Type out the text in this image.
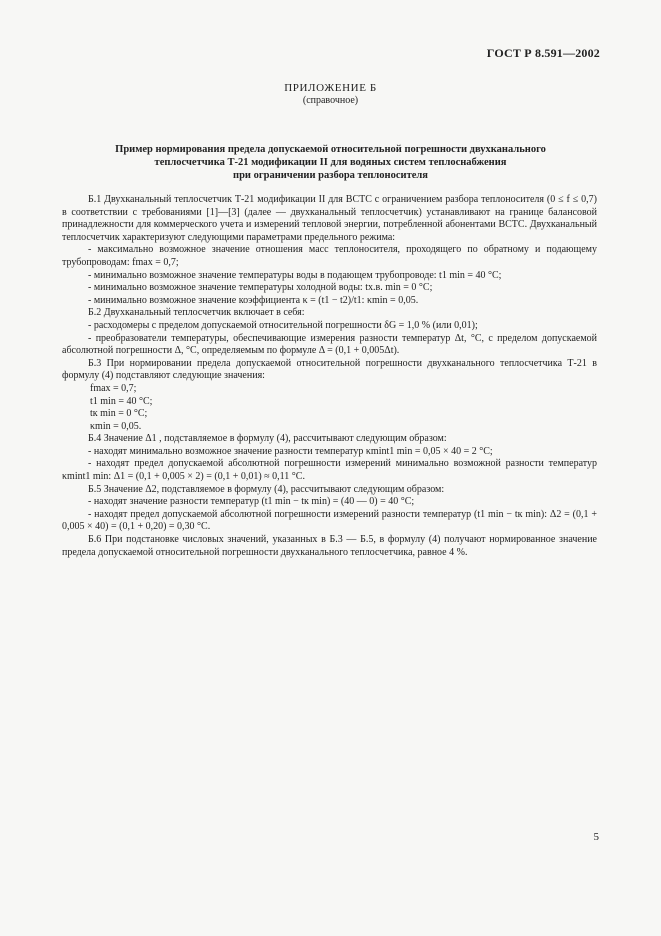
ГОСТ Р 8.591—2002
ПРИЛОЖЕНИЕ Б
(справочное)
Пример нормирования предела допускаемой относительной погрешности двухканального
теплосчетчика Т-21 модификации II для водяных систем теплоснабжения
при ограничении разбора теплоносителя

Б.1 Двухканальный теплосчетчик Т-21 модификации II для ВСТС с ограничением разбора теплоносителя (0 ≤ f ≤ 0,7) в соответствии с требованиями [1]—[3] (далее — двухканальный теплосчетчик) устанавливают на границе балансовой принадлежности для коммерческого учета и измерений тепловой энергии, потребленной абонентами ВСТС. Двухканальный теплосчетчик характеризуют следующими параметрами предельного режима:

- максимально возможное значение отношения масс теплоносителя, проходящего по обратному и подающему трубопроводам: fmax = 0,7;

- минимально возможное значение температуры воды в подающем трубопроводе: t1 min = 40 °C;

- минимально возможное значение температуры холодной воды: tх.в. min = 0 °C;

- минимально возможное значение коэффициента κ = (t1 − t2)/t1: κmin = 0,05.

Б.2 Двухканальный теплосчетчик включает в себя:

- расходомеры с пределом допускаемой относительной погрешности δG = 1,0 % (или 0,01);

- преобразователи температуры, обеспечивающие измерения разности температур Δt, °C, с пределом допускаемой абсолютной погрешности Δ, °C, определяемым по формуле Δ = (0,1 + 0,005Δt).

Б.3 При нормировании предела допускаемой относительной погрешности двухканального теплосчетчика Т-21 в формулу (4) подставляют следующие значения:

fmax = 0,7;

t1 min = 40 °C;

tк min = 0 °C;

κmin = 0,05.

Б.4 Значение Δ1 , подставляемое в формулу (4), рассчитывают следующим образом:

- находят минимально возможное значение разности температур κmint1 min = 0,05 × 40 = 2 °C;

- находят предел допускаемой абсолютной погрешности измерений минимально возможной разности температур κmint1 min: Δ1 = (0,1 + 0,005 × 2) = (0,1 + 0,01) ≈ 0,11 °C.

Б.5 Значение Δ2, подставляемое в формулу (4), рассчитывают следующим образом:

- находят значение разности температур (t1 min − tк min) = (40 — 0) = 40 °C;

- находят предел допускаемой абсолютной погрешности измерений разности температур (t1 min − tк min): Δ2 = (0,1 + 0,005 × 40) = (0,1 + 0,20) = 0,30 °C.

Б.6 При подстановке числовых значений, указанных в Б.3 — Б.5, в формулу (4) получают нормированное значение предела допускаемой относительной погрешности двухканального теплосчетчика, равное 4 %.

5
